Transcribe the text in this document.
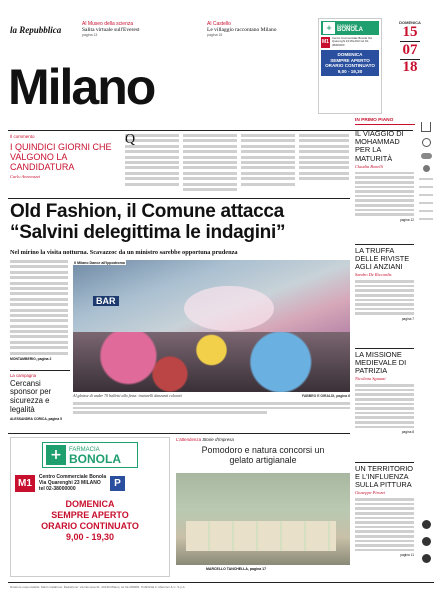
la Repubblica
Al Museo della scienza
Salita virtuale sull'Everest
pagina 13
Al Castello
Le villaggio raccontano Milano
pagina 15
Milano
+	FARMACIA
BONOLA
M1
Centro Commerciale Bonola Via Quarenghi 23 MILANO tel 02-38000000
DOMENICA
SEMPRE APERTO
ORARIO CONTINUATO
9,00 - 19,30
DOMENICA
15
07
18
Il commento
I QUINDICI GIORNI CHE VALGONO LA CANDIDATURA
Carlo Annovazzi
Q
Old Fashion, il Comune attacca
“Salvini delegittima le indagini”
Nel mirino la visita notturna. Scavazzoc da un ministro sarebbe opportuna prudenza
MONTAMBERIO, pagina 2
Il Milano Dance all'Ippodromo
BAR
Al glaisse di under 70 balletti alla festa: inuturelli danzanti colorati	FABBRO E GIRALDI, pagina 6
La campagna
Cercansi sponsor per sicurezza e legalità
ALESSANDRA CORICA, pagina 5
+	FARMACIA
BONOLA
M1
Centro Commerciale Bonola
Via Quarenghi 23 MILANO
tel 02-38000000
P
DOMENICA
SEMPRE APERTO
ORARIO CONTINUATO
9,00 - 19,30
L'attendenza Storie d'impresa
Pomodoro e natura concorsi un gelato artigianale
MARCELLO TANCHELLA, pagina 17
IN PRIMO PIANO
IL VIAGGIO DI MOHAMMAD PER LA MATURITÀ
Claudia Bonelli
pagina 12
LA TRUFFA DELLE RIVISTE AGLI ANZIANI
Sandro De Riccardis
pagina 7
LA MISSIONE MEDIEVALE DI PATRIZIA
Nicoletta Sguazzi
pagina 8
UN TERRITORIO E L'INFLUENZA SULLA PITTURA
Giuseppe Pirozzi
pagina 11
Direttore responsabile: Mario Calabresi. Redazione: via Nervesa 21, 20139 Milano, tel 02-480981. Pubblicità A. Manzoni & C. S.p.A.
